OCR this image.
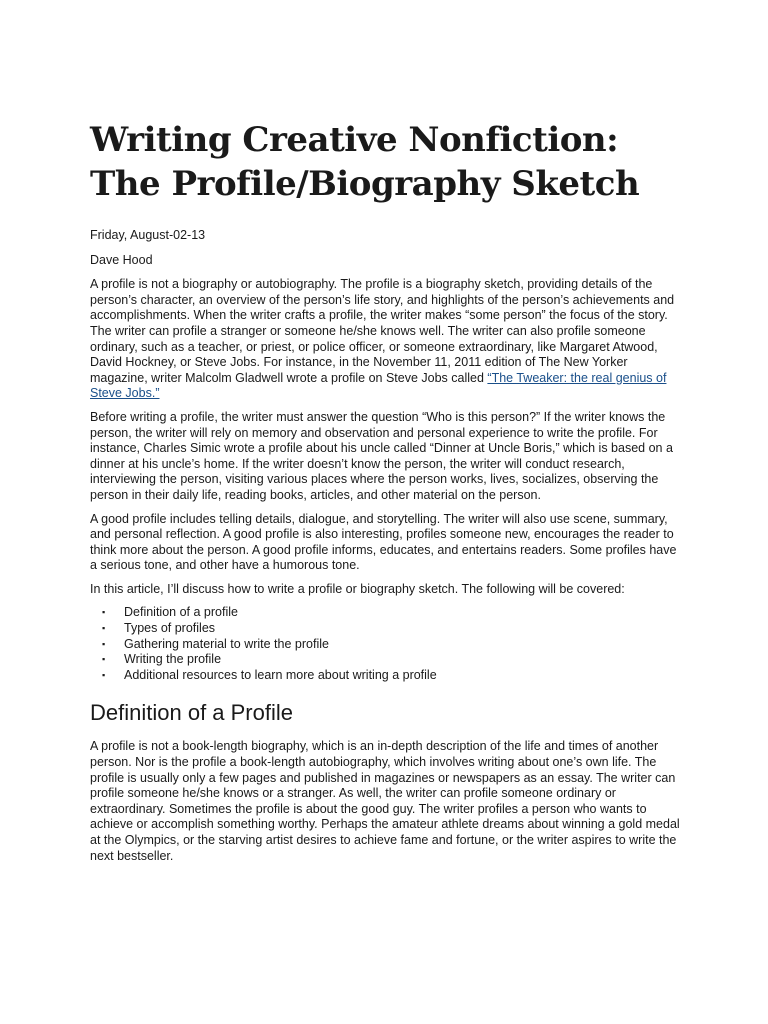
Writing Creative Nonfiction:
The Profile/Biography Sketch

Friday, August-02-13

Dave Hood

A profile is not a biography or autobiography. The profile is a biography sketch, providing details of the person’s character, an overview of the person’s life story, and highlights of the person’s achievements and accomplishments. When the writer crafts a profile, the writer makes “some person” the focus of the story. The writer can profile a stranger or someone he/she knows well. The writer can also profile someone ordinary, such as a teacher, or priest, or police officer, or someone extraordinary, like Margaret Atwood, David Hockney, or Steve Jobs. For instance, in the November 11, 2011 edition of The New Yorker magazine, writer Malcolm Gladwell wrote a profile on Steve Jobs called “The Tweaker: the real genius of Steve Jobs.”

Before writing a profile, the writer must answer the question “Who is this person?” If the writer knows the person, the writer will rely on memory and observation and personal experience to write the profile. For instance, Charles Simic wrote a profile about his uncle called “Dinner at Uncle Boris,” which is based on a dinner at his uncle’s home. If the writer doesn’t know the person, the writer will conduct research, interviewing the person, visiting various places where the person works, lives, socializes, observing the person in their daily life, reading books, articles, and other material on the person.

A good profile includes telling details, dialogue, and storytelling. The writer will also use scene, summary, and personal reflection. A good profile is also interesting, profiles someone new, encourages the reader to think more about the person. A good profile informs, educates, and entertains readers. Some profiles have a serious tone, and other have a humorous tone.

In this article, I’ll discuss how to write a profile or biography sketch. The following will be covered:

▪ Definition of a profile
▪ Types of profiles
▪ Gathering material to write the profile
▪ Writing the profile
▪ Additional resources to learn more about writing a profile
Definition of a Profile

A profile is not a book-length biography, which is an in-depth description of the life and times of another person. Nor is the profile a book-length autobiography, which involves writing about one’s own life. The profile is usually only a few pages and published in magazines or newspapers as an essay. The writer can profile someone he/she knows or a stranger. As well, the writer can profile someone ordinary or extraordinary. Sometimes the profile is about the good guy. The writer profiles a person who wants to achieve or accomplish something worthy. Perhaps the amateur athlete dreams about winning a gold medal at the Olympics, or the starving artist desires to achieve fame and fortune, or the writer aspires to write the next bestseller.
